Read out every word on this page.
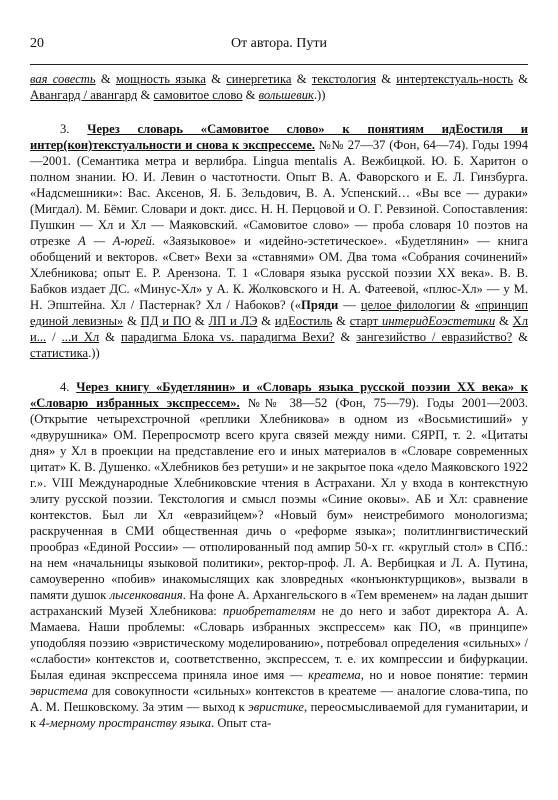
20	От автора. Пути

вая совесть & мощность языка & синергетика & текстология & интертекстуаль-ность & Авангард / авангард & самовитое слово & вольшевик.))

3. Через словарь «Самовитое слово» к понятиям идЕостиля и интер(кон)текстуальности и снова к экспрессеме. №№ 27—37 (Фон, 64—74). Годы 1994—2001. (Семантика метра и верлибра. Lingua mentalis А. Вежбицкой. Ю. Б. Харитон о полном знании. Ю. И. Левин о частотности. Опыт В. А. Фаворского и Е. Л. Гинзбурга. «Надсмешники»: Вас. Аксенов, Я. Б. Зельдович, В. А. Успенский… «Вы все — дураки» (Мигдал). М. Бёмиг. Словари и докт. дисс. Н. Н. Перцовой и О. Г. Ревзиной. Сопоставления: Пушкин — Хл и Хл — Маяковский. «Самовитое слово» — проба словаря 10 поэтов на отрезке А — А-юрей. «Заязыковое» и «идейно-эстетическое». «Будетлянин» — книга обобщений и векторов. «Свет» Вехи за «ставнями» ОМ. Два тома «Собрания сочинений» Хлебникова; опыт Е. Р. Арензона. Т. 1 «Словаря языка русской поэзии XX века». В. В. Бабков издает ДС. «Минус-Хл» у А. К. Жолковского и Н. А. Фатеевой, «плюс-Хл» — у М. Н. Эпштейна. Хл / Пастернак? Хл / Набоков? («Пряди — целое филологии & «принцип единой левизны» & ПД и ПО & ЛП и ЛЭ & идЕостиль & старт интеридЕоэстетики & Хл и... / ...и Хл & парадигма Блока vs. парадигма Вехи? & зангезийство / евразийство? & статистика.))

4. Через книгу «Будетлянин» и «Словарь языка русской поэзии XX века» к «Словарю избранных экспрессем». №№ 38—52 (Фон, 75—79). Годы 2001—2003. (Открытие четырехстрочной «реплики Хлебникова» в одном из «Восьмистиший» у «двурушника» ОМ. Перепросмотр всего круга связей между ними. СЯРП, т. 2. «Цитаты дня» у Хл в проекции на представление его и иных материалов в «Словаре современных цитат» К. В. Душенко. «Хлебников без ретуши» и не закрытое пока «дело Маяковского 1922 г.». VIII Международные Хлебниковские чтения в Астрахани. Хл у входа в контекстную элиту русской поэзии. Текстология и смысл поэмы «Синие оковы». АБ и Хл: сравнение контекстов. Был ли Хл «евразийцем»? «Новый бум» неистребимого монологизма; раскрученная в СМИ общественная дичь о «реформе языка»; политлингвистический прообраз «Единой России» — отполированный под ампир 50-х гг. «круглый стол» в СПб.: на нем «начальницы языковой политики», ректор-проф. Л. А. Вербицкая и Л. А. Путина, самоуверенно «побив» инакомыслящих как зловредных «конъюнктурщиков», вызвали в памяти душок лысенкования. На фоне А. Архангельского в «Тем временем» на ладан дышит астраханский Музей Хлебникова: приобретателям не до него и забот директора А. А. Мамаева. Наши проблемы: «Словарь избранных экспрессем» как ПО, «в принципе» уподобляя поэзию «эвристическому моделированию», потребовал определения «сильных» / «слабости» контекстов и, соответственно, экспрессем, т. е. их компрессии и бифуркации. Былая единая экспрессема приняла иное имя — креатема, но и новое понятие: термин эвристема для совокупности «сильных» контекстов в креатеме — аналогие слова-типа, по А. М. Пешковскому. За этим — выход к эвристике, переосмысливаемой для гуманитарии, и к 4-мерному пространству языка. Опыт ста-
